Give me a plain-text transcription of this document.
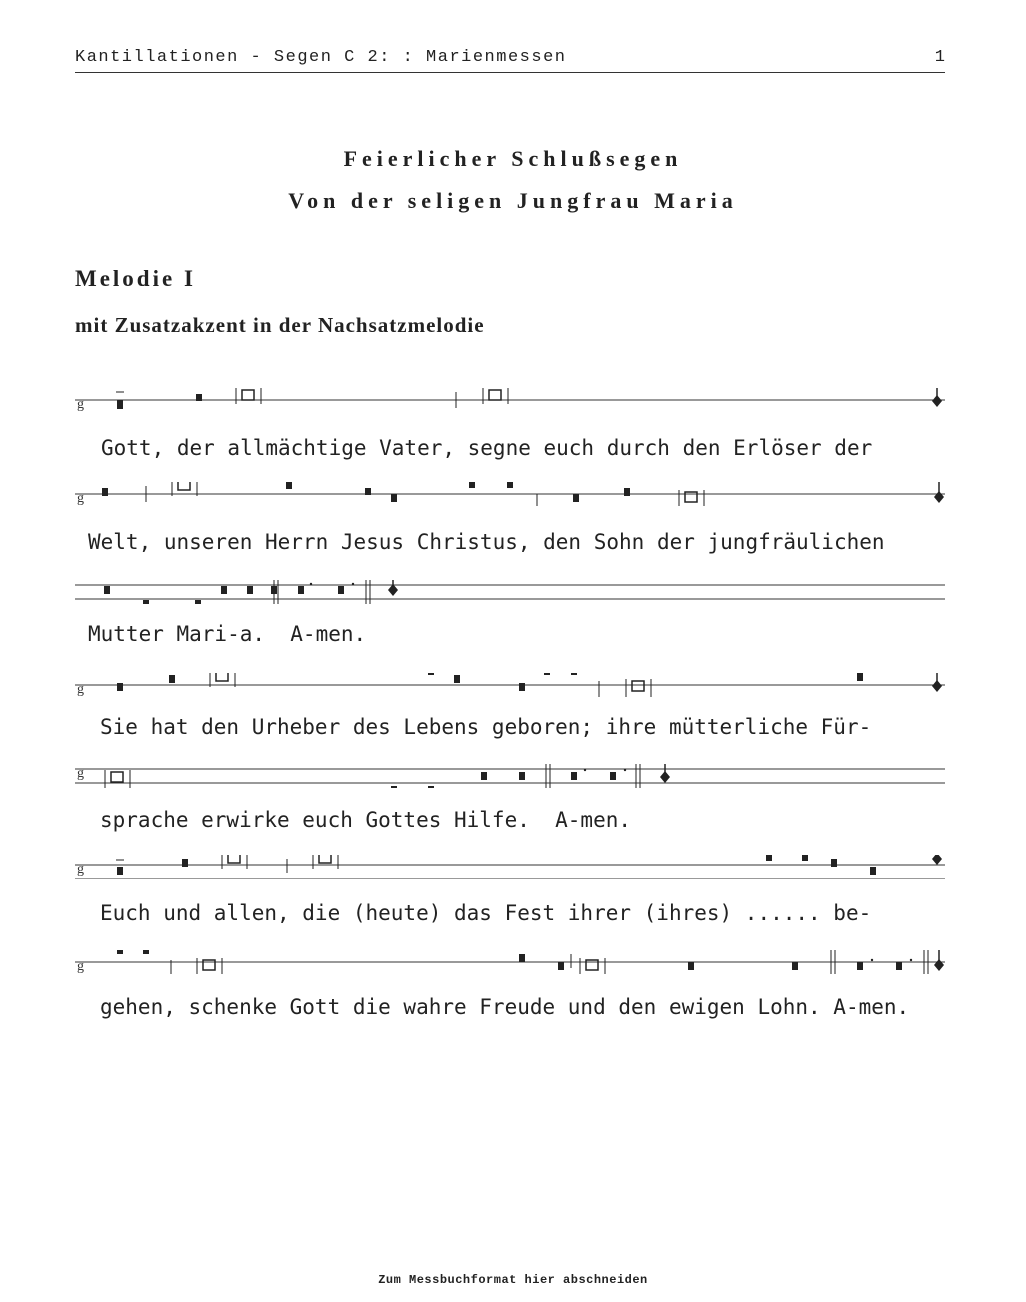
Kantillationen - Segen C 2: : Marienmessen	1
Feierlicher Schlußsegen
Von der seligen Jungfrau Maria
Melodie I
mit Zusatzakzent in der Nachsatzmelodie
g
Gott, der allmächtige Vater, segne euch durch den Erlöser der
g
Welt, unseren Herrn Jesus Christus, den Sohn der jungfräulichen
Mutter Mari-a.  A-men.
g
Sie hat den Urheber des Lebens geboren; ihre mütterliche Für-
g
sprache erwirke euch Gottes Hilfe.  A-men.
g
Euch und allen, die (heute) das Fest ihrer (ihres) ...... be-
g
gehen, schenke Gott die wahre Freude und den ewigen Lohn. A-men.
Zum Messbuchformat hier abschneiden
